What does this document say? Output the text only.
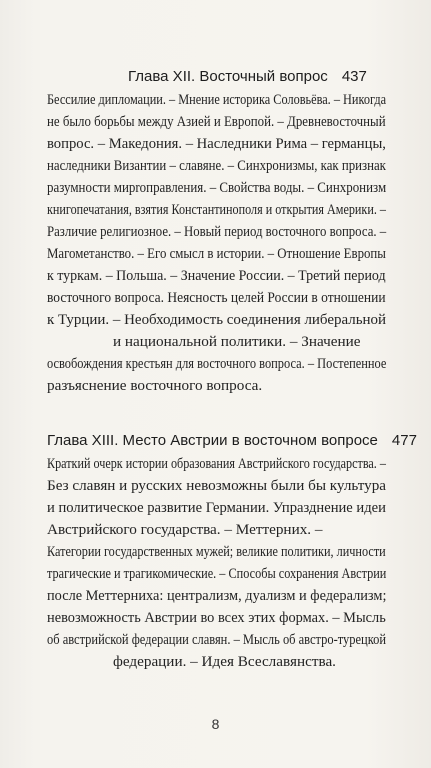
Глава XII. Восточный вопрос 437
Бессилие дипломации. – Мнение историка Соловьёва. – Никогда
не было борьбы между Азией и Европой. – Древневосточный
вопрос. – Македония. – Наследники Рима – германцы,
наследники Византии – славяне. – Синхронизмы, как признак
разумности миproправления. – Свойства воды. – Синхронизм
книгопечатания, взятия Константинополя и открытия Америки. –
Различие религиозное. – Новый период восточного вопроса. –
Магометанство. – Его смысл в истории. – Отношение Европы
к туркам. – Польша. – Значение России. – Третий период
восточного вопроса. Неясность целей России в отношении
к Турции. – Необходимость соединения либеральной
и национальной политики. – Значение
освобождения крестьян для восточного вопроса. – Постепенное
разъяснение восточного вопроса.
Глава XIII. Место Австрии в восточном вопросе 477
Краткий очерк истории образования Австрийского государства. –
Без славян и русских невозможны были бы культура
и политическое развитие Германии. Упразднение идеи
Австрийского государства. – Меттерних. –
Категории государственных мужей; великие политики, личности
трагические и трагикомические. – Способы сохранения Австрии
после Меттерниха: централизм, дуализм и федерализм;
невозможность Австрии во всех этих формах. – Мысль
об австрийской федерации славян. – Мысль об австро-турецкой
федерации. – Идея Всеславянства.
8
